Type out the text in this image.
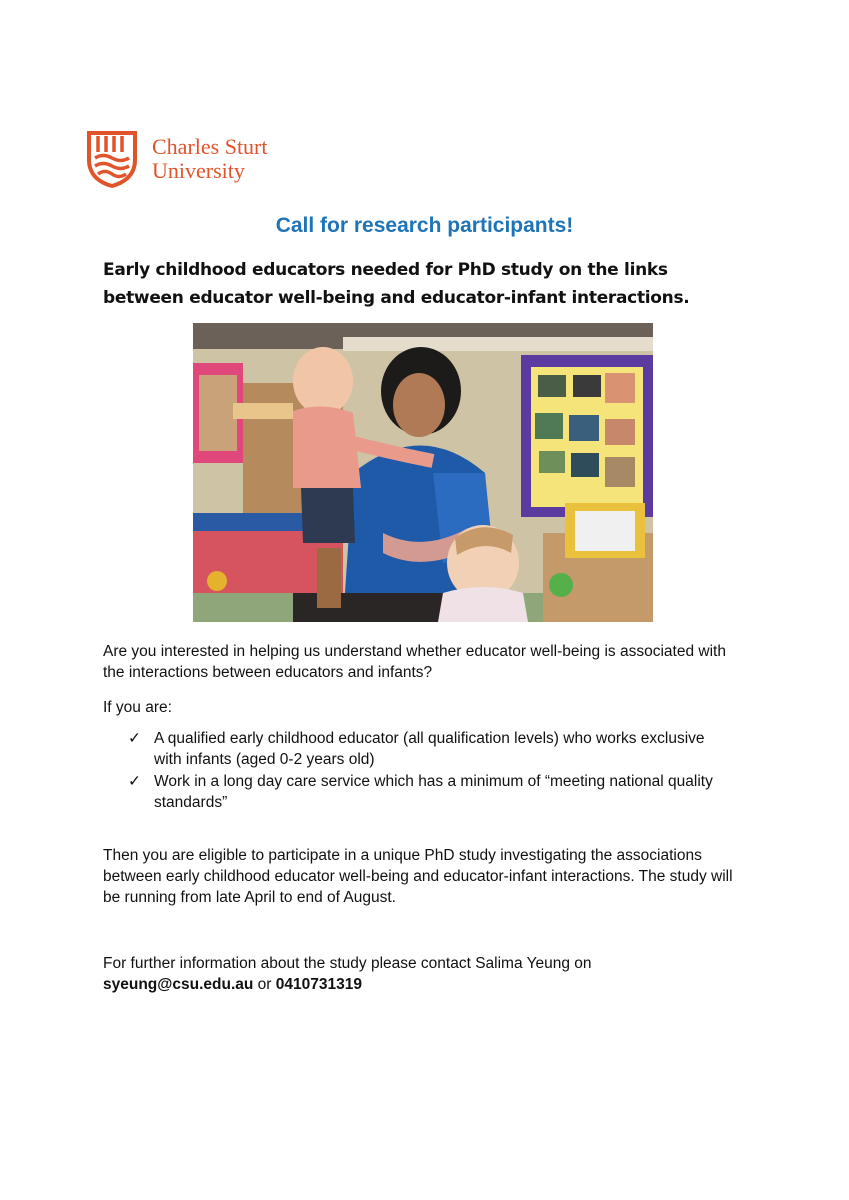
Charles Sturt
University
Call for research participants!
Early childhood educators needed for PhD study on the links between educator well-being and educator-infant interactions.
Are you interested in helping us understand whether educator well-being is associated with the interactions between educators and infants?
If you are:
✓ A qualified early childhood educator (all qualification levels) who works exclusive with infants (aged 0-2 years old)
✓ Work in a long day care service which has a minimum of “meeting national quality standards”
Then you are eligible to participate in a unique PhD study investigating the associations between early childhood educator well-being and educator-infant interactions. The study will be running from late April to end of August.
For further information about the study please contact Salima Yeung on
syeung@csu.edu.au or 0410731319
